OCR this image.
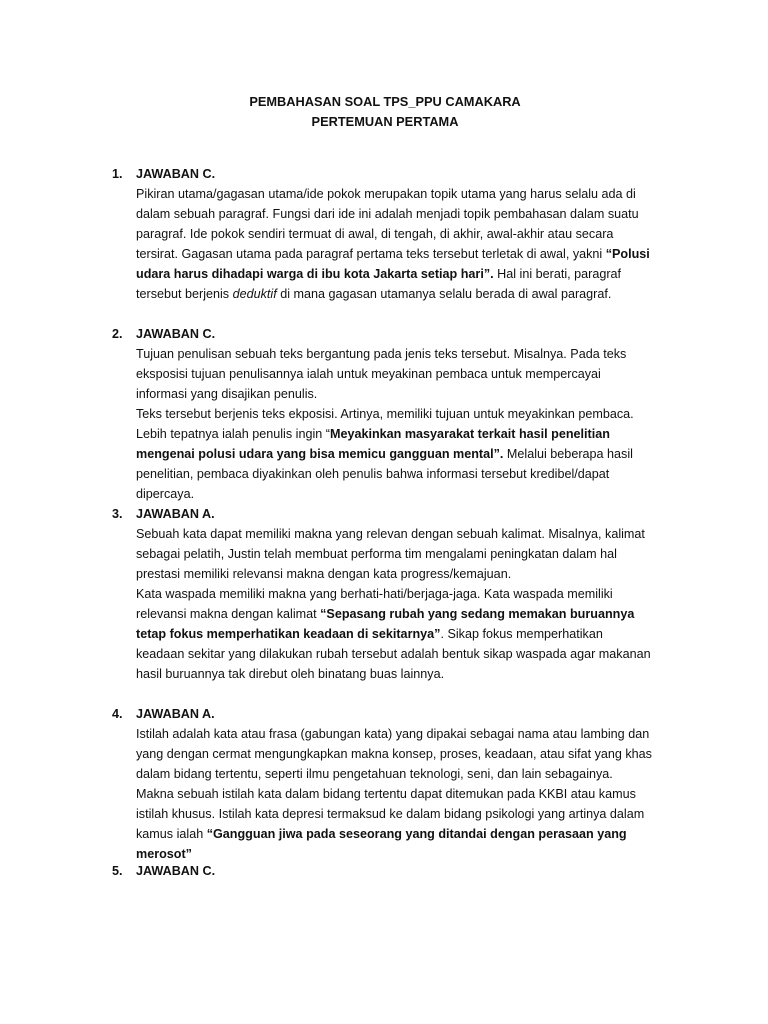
PEMBAHASAN SOAL TPS_PPU CAMAKARA
PERTEMUAN PERTAMA
1.	JAWABAN C.

Pikiran utama/gagasan utama/ide pokok merupakan topik utama yang harus selalu ada di dalam sebuah paragraf. Fungsi dari ide ini adalah menjadi topik pembahasan dalam suatu paragraf. Ide pokok sendiri termuat di awal, di tengah, di akhir, awal-akhir atau secara tersirat. Gagasan utama pada paragraf pertama teks tersebut terletak di awal, yakni “Polusi udara harus dihadapi warga di ibu kota Jakarta setiap hari”. Hal ini berati, paragraf tersebut berjenis deduktif di mana gagasan utamanya selalu berada di awal paragraf.

2.	JAWABAN C.

Tujuan penulisan sebuah teks bergantung pada jenis teks tersebut. Misalnya. Pada teks eksposisi tujuan penulisannya ialah untuk meyakinan pembaca untuk mempercayai informasi yang disajikan penulis.

Teks tersebut berjenis teks ekposisi. Artinya, memiliki tujuan untuk meyakinkan pembaca. Lebih tepatnya ialah penulis ingin “Meyakinkan masyarakat terkait hasil penelitian mengenai polusi udara yang bisa memicu gangguan mental”. Melalui beberapa hasil penelitian, pembaca diyakinkan oleh penulis bahwa informasi tersebut kredibel/dapat dipercaya.

3.	JAWABAN A.

Sebuah kata dapat memiliki makna yang relevan dengan sebuah kalimat. Misalnya, kalimat sebagai pelatih, Justin telah membuat performa tim mengalami peningkatan dalam hal prestasi memiliki relevansi makna dengan kata progress/kemajuan.

Kata waspada memiliki makna yang berhati-hati/berjaga-jaga. Kata waspada memiliki relevansi makna dengan kalimat “Sepasang rubah yang sedang memakan buruannya tetap fokus memperhatikan keadaan di sekitarnya”. Sikap fokus memperhatikan keadaan sekitar yang dilakukan rubah tersebut adalah bentuk sikap waspada agar makanan hasil buruannya tak direbut oleh binatang buas lainnya.

4.	JAWABAN A.

Istilah adalah kata atau frasa (gabungan kata) yang dipakai sebagai nama atau lambing dan yang dengan cermat mengungkapkan makna konsep, proses, keadaan, atau sifat yang khas dalam bidang tertentu, seperti ilmu pengetahuan teknologi, seni, dan lain sebagainya.

Makna sebuah istilah kata dalam bidang tertentu dapat ditemukan pada KKBI atau kamus istilah khusus. Istilah kata depresi termaksud ke dalam bidang psikologi yang artinya dalam kamus ialah “Gangguan jiwa pada seseorang yang ditandai dengan perasaan yang merosot”

5.	JAWABAN C.
